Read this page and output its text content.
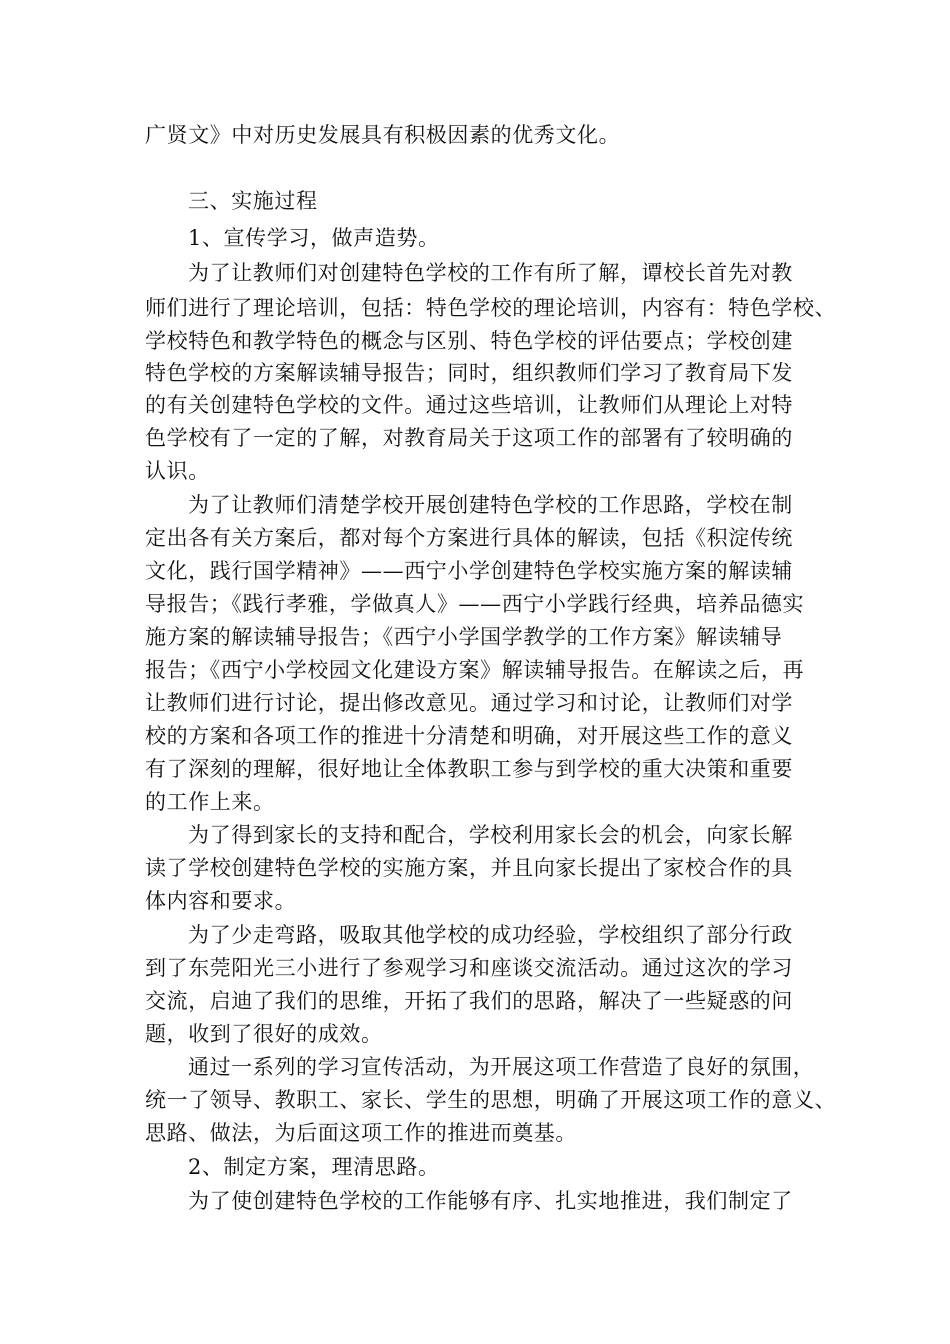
广贤文》中对历史发展具有积极因素的优秀文化。
三、实施过程
1、宣传学习，做声造势。
为了让教师们对创建特色学校的工作有所了解，谭校长首先对教
师们进行了理论培训，包括：特色学校的理论培训，内容有：特色学校、
学校特色和教学特色的概念与区别、特色学校的评估要点；学校创建
特色学校的方案解读辅导报告；同时，组织教师们学习了教育局下发
的有关创建特色学校的文件。通过这些培训，让教师们从理论上对特
色学校有了一定的了解，对教育局关于这项工作的部署有了较明确的
认识。
为了让教师们清楚学校开展创建特色学校的工作思路，学校在制
定出各有关方案后，都对每个方案进行具体的解读，包括《积淀传统
文化，践行国学精神》——西宁小学创建特色学校实施方案的解读辅
导报告；《践行孝雅，学做真人》——西宁小学践行经典，培养品德实
施方案的解读辅导报告；《西宁小学国学教学的工作方案》解读辅导
报告；《西宁小学校园文化建设方案》解读辅导报告。在解读之后，再
让教师们进行讨论，提出修改意见。通过学习和讨论，让教师们对学
校的方案和各项工作的推进十分清楚和明确，对开展这些工作的意义
有了深刻的理解，很好地让全体教职工参与到学校的重大决策和重要
的工作上来。
为了得到家长的支持和配合，学校利用家长会的机会，向家长解
读了学校创建特色学校的实施方案，并且向家长提出了家校合作的具
体内容和要求。
为了少走弯路，吸取其他学校的成功经验，学校组织了部分行政
到了东莞阳光三小进行了参观学习和座谈交流活动。通过这次的学习
交流，启迪了我们的思维，开拓了我们的思路，解决了一些疑惑的问
题，收到了很好的成效。
通过一系列的学习宣传活动，为开展这项工作营造了良好的氛围，
统一了领导、教职工、家长、学生的思想，明确了开展这项工作的意义、
思路、做法，为后面这项工作的推进而奠基。
2、制定方案，理清思路。
为了使创建特色学校的工作能够有序、扎实地推进，我们制定了
